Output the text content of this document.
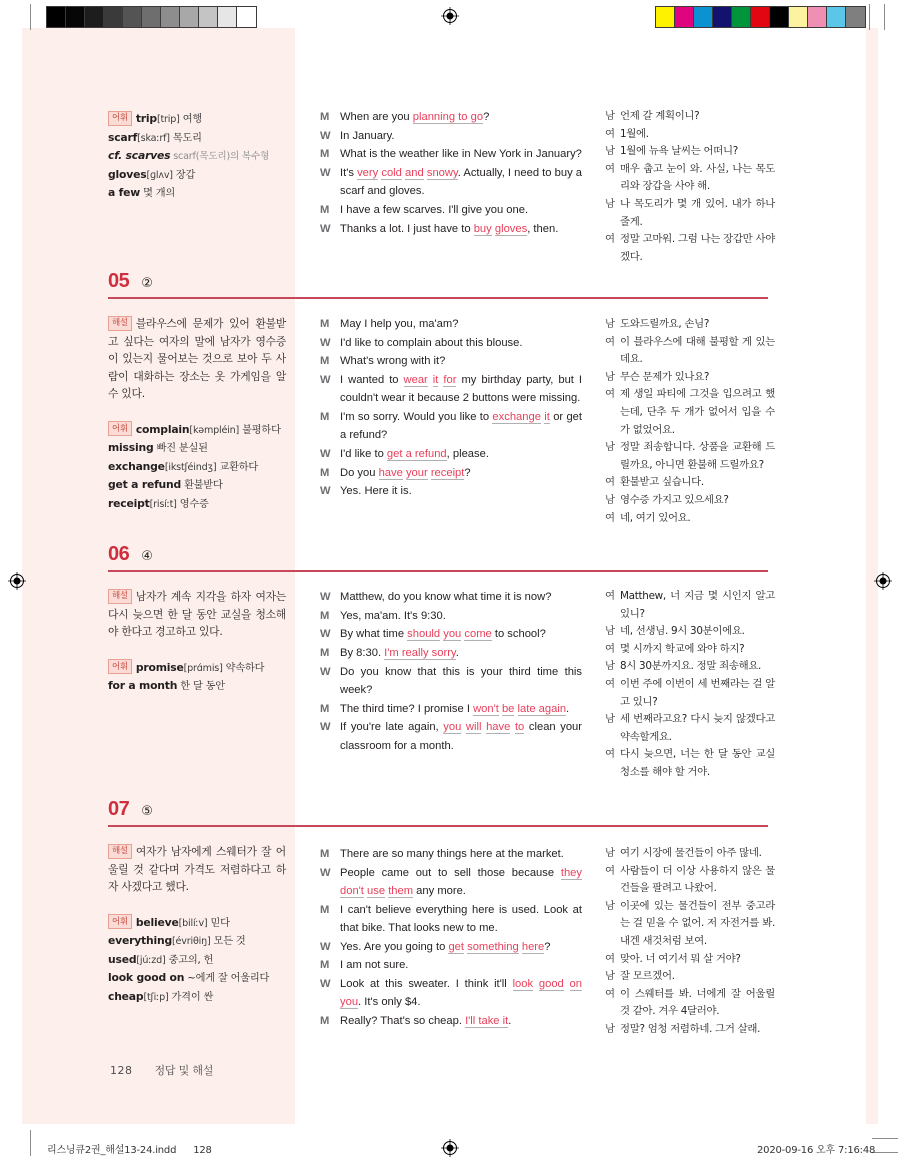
어휘 trip[trip] 여행
scarf[skaːrf] 목도리
cf. scarves scarf(목도리)의 복수형
gloves[ɡlʌv] 장갑
a few 몇 개의
M When are you planning to go?
W In January.
M What is the weather like in New York in January?
W It's very cold and snowy. Actually, I need to buy a scarf and gloves.
M I have a few scarves. I'll give you one.
W Thanks a lot. I just have to buy gloves, then.
남 언제 갈 계획이니?
여 1월에.
남 1월에 뉴욕 날씨는 어떠니?
여 매우 춥고 눈이 와. 사실, 나는 목도리와 장갑을 사야 해.
남 나 목도리가 몇 개 있어. 내가 하나 줄게.
여 정말 고마워. 그럼 나는 장갑만 사야겠다.
05 ②
해설 블라우스에 문제가 있어 환불받고 싶다는 여자의 말에 남자가 영수증이 있는지 물어보는 것으로 보아 두 사람이 대화하는 장소는 옷 가게임을 알 수 있다.
어휘 complain[kəmpléin] 불평하다
missing 빠진 분실된
exchange[ikstʃéindʒ] 교환하다
get a refund 환불받다
receipt[risíːt] 영수증
M May I help you, ma'am?
W I'd like to complain about this blouse.
M What's wrong with it?
W I wanted to wear it for my birthday party, but I couldn't wear it because 2 buttons were missing.
M I'm so sorry. Would you like to exchange it or get a refund?
W I'd like to get a refund, please.
M Do you have your receipt?
W Yes. Here it is.
남 도와드릴까요, 손님?
여 이 블라우스에 대해 불평할 게 있는데요.
남 무슨 문제가 있나요?
여 제 생일 파티에 그것을 입으려고 했는데, 단추 두 개가 없어서 입을 수가 없었어요.
남 정말 죄송합니다. 상품을 교환해 드릴까요, 아니면 환불해 드릴까요?
여 환불받고 싶습니다.
남 영수증 가지고 있으세요?
여 네, 여기 있어요.
06 ④
해설 남자가 계속 지각을 하자 여자는 다시 늦으면 한 달 동안 교실을 청소해야 한다고 경고하고 있다.
어휘 promise[prɑ́mis] 약속하다
for a month 한 달 동안
W Matthew, do you know what time it is now?
M Yes, ma'am. It's 9:30.
W By what time should you come to school?
M By 8:30. I'm really sorry.
W Do you know that this is your third time this week?
M The third time? I promise I won't be late again.
W If you're late again, you will have to clean your classroom for a month.
여 Matthew, 너 지금 몇 시인지 알고 있니?
남 네, 선생님. 9시 30분이에요.
여 몇 시까지 학교에 와야 하지?
남 8시 30분까지요. 정말 죄송해요.
여 이번 주에 이번이 세 번째라는 걸 알고 있니?
남 세 번째라고요? 다시 늦지 않겠다고 약속할게요.
여 다시 늦으면, 너는 한 달 동안 교실 청소를 해야 할 거야.
07 ⑤
해설 여자가 남자에게 스웨터가 잘 어울릴 것 같다며 가격도 저렴하다고 하자 사겠다고 했다.
어휘 believe[bilíːv] 믿다
everything[évriθiŋ] 모든 것
used[júːzd] 중고의, 헌
look good on ~에게 잘 어울리다
cheap[tʃiːp] 가격이 싼
M There are so many things here at the market.
W People came out to sell those because they don't use them any more.
M I can't believe everything here is used. Look at that bike. That looks new to me.
W Yes. Are you going to get something here?
M I am not sure.
W Look at this sweater. I think it'll look good on you. It's only $4.
M Really? That's so cheap. I'll take it.
남 여기 시장에 물건들이 아주 많네.
여 사람들이 더 이상 사용하지 않은 물건들을 팔려고 나왔어.
남 이곳에 있는 물건들이 전부 중고라는 걸 믿을 수 없어. 저 자전거를 봐. 내겐 새것처럼 보여.
여 맞아. 너 여기서 뭐 살 거야?
남 잘 모르겠어.
여 이 스웨터를 봐. 너에게 잘 어울릴 것 같아. 겨우 4달러야.
남 정말? 엄청 저렴하네. 그거 살래.
128 정답 및 해설
리스닝큐2권_해설13-24.indd 128	2020-09-16 오후 7:16:48
